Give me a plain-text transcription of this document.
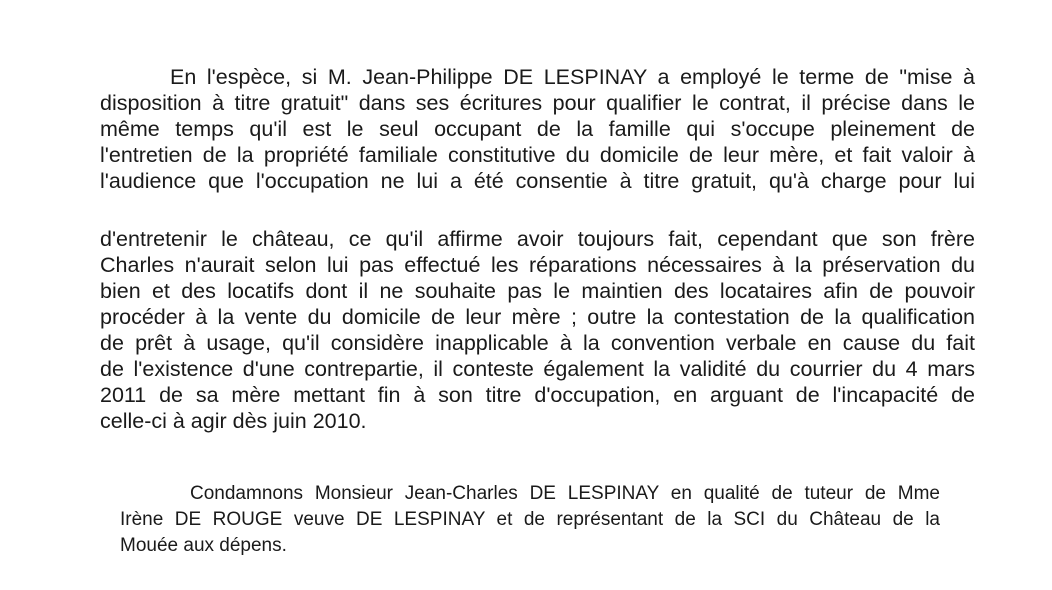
En l'espèce, si M. Jean-Philippe DE LESPINAY a employé le terme de "mise à
disposition à titre gratuit" dans ses écritures pour qualifier le contrat, il précise dans le
même temps qu'il est le seul occupant de la famille qui s'occupe pleinement de
l'entretien de la propriété familiale constitutive du domicile de leur mère, et fait valoir à
l'audience que l'occupation ne lui a été consentie à titre gratuit, qu'à charge pour lui
d'entretenir le château, ce qu'il affirme avoir toujours fait, cependant que son frère
Charles n'aurait selon lui pas effectué les réparations nécessaires à la préservation du
bien et des locatifs dont il ne souhaite pas le maintien des locataires afin de pouvoir
procéder à la vente du domicile de leur mère ; outre la contestation de la qualification
de prêt à usage, qu'il considère inapplicable à la convention verbale en cause du fait
de l'existence d'une contrepartie, il conteste également la validité du courrier du 4 mars
2011 de sa mère mettant fin à son titre d'occupation, en arguant de l'incapacité de
celle-ci à agir dès juin 2010.
Condamnons Monsieur Jean-Charles DE LESPINAY en qualité de tuteur de Mme
Irène DE ROUGE veuve DE LESPINAY et de représentant de la SCI du Château de la
Mouée aux dépens.
